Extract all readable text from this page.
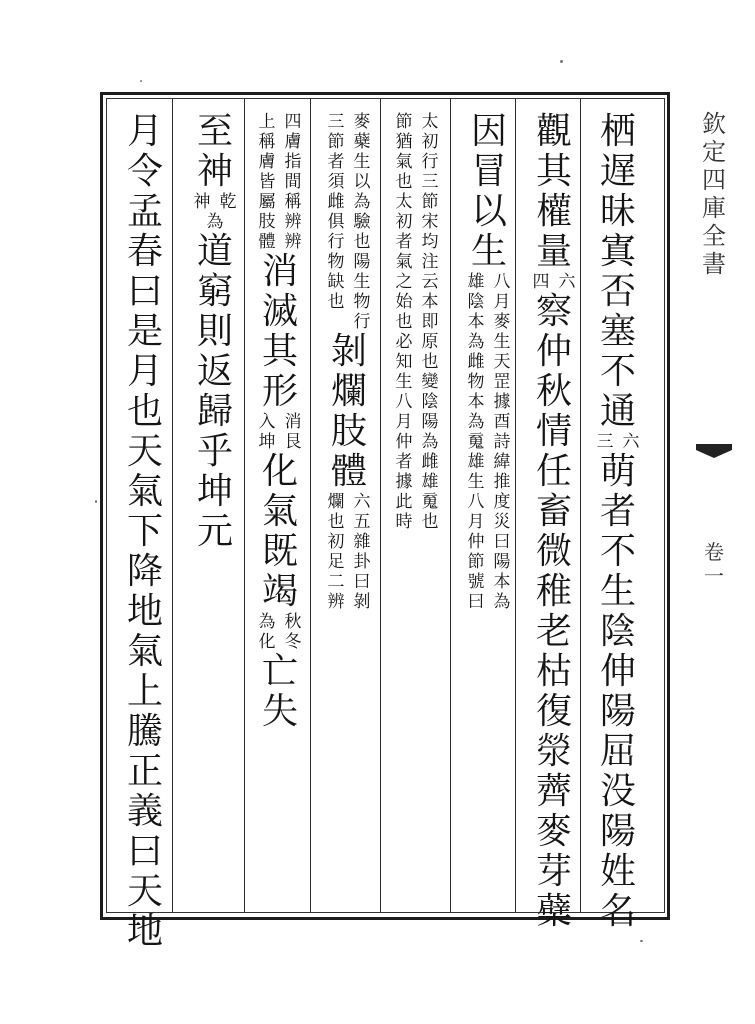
欽定四庫全書
卷一
栖
遅
昧
寘
否
塞
不
通
六
三
萌
者
不
生
陰
伸
陽
屈
没
陽
姓
名
觀
其
權
量
六
四
察
仲
秋
情
任
畜
微
稚
老
枯
復
滎
薺
麥
芽
蘗
因
冒
以
生
八
月
麥
生
天
罡
據
酉
詩
緯
推
度
災
曰
陽
本
為
雄
陰
本
為
雌
物
本
為
䰟
雄
生
八
月
仲
節
號
曰
太
初
行
三
節
宋
均
注
云
本
即
原
也
變
陰
陽
為
雌
雄
䰟
也
節
猶
氣
也
太
初
者
氣
之
始
也
必
知
生
八
月
仲
者
據
此
時
麥
蘗
生
以
為
驗
也
陽
生
物
行
三
節
者
須
雌
俱
行
物
缺
也
剝
爛
肢
體
六
五
雜
卦
曰
剝
爛
也
初
足
二
辨
四
膚
指
間
稱
辨
辨
上
稱
膚
皆
屬
肢
體
消
滅
其
形
消
艮
入
坤
化
氣
既
竭
秋
冬
為
化
亡
失
至
神
乾
神
為
道
窮
則
返
歸
乎
坤
元
月
令
孟
春
曰
是
月
也
天
氣
下
降
地
氣
上
騰
正
義
曰
天
地
